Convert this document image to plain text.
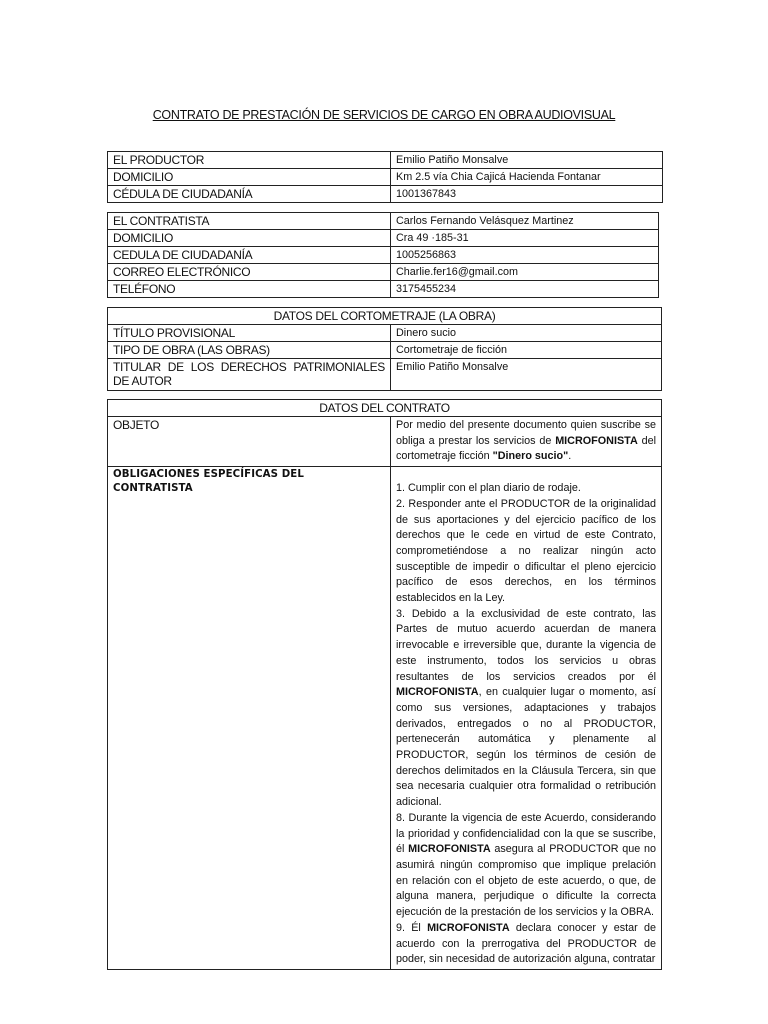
CONTRATO DE PRESTACIÓN DE SERVICIOS DE CARGO EN OBRA AUDIOVISUAL
EL PRODUCTOR	Emilio Patiño Monsalve
DOMICILIO	Km 2.5 vía Chia Cajicá Hacienda Fontanar
CÉDULA DE CIUDADANÍA	1001367843
EL CONTRATISTA	Carlos Fernando Velásquez Martinez
DOMICILIO	Cra 49 ·185-31
CEDULA DE CIUDADANÍA	1005256863
CORREO ELECTRÓNICO	Charlie.fer16@gmail.com
TELÉFONO	3175455234
DATOS DEL CORTOMETRAJE (LA OBRA)	
TÍTULO PROVISIONAL	Dinero sucio
TIPO DE OBRA (LAS OBRAS)	Cortometraje de ficción
TITULAR DE LOS DERECHOS PATRIMONIALES DE AUTOR	Emilio Patiño Monsalve
DATOS DEL CONTRATO	
OBJETO	Por medio del presente documento quien suscribe se obliga a prestar los servicios de MICROFONISTA del cortometraje ficción "Dinero sucio".
OBLIGACIONES ESPECÍFICAS DEL CONTRATISTA	1. Cumplir con el plan diario de rodaje.
2. Responder ante el PRODUCTOR de la originalidad de sus aportaciones y del ejercicio pacífico de los derechos que le cede en virtud de este Contrato, comprometiéndose a no realizar ningún acto susceptible de impedir o dificultar el pleno ejercicio pacífico de esos derechos, en los términos establecidos en la Ley.
3. Debido a la exclusividad de este contrato, las Partes de mutuo acuerdo acuerdan de manera irrevocable e irreversible que, durante la vigencia de este instrumento, todos los servicios u obras resultantes de los servicios creados por él MICROFONISTA, en cualquier lugar o momento, así como sus versiones, adaptaciones y trabajos derivados, entregados o no al PRODUCTOR, pertenecerán automática y plenamente al PRODUCTOR, según los términos de cesión de derechos delimitados en la Cláusula Tercera, sin que sea necesaria cualquier otra formalidad o retribución adicional.
8. Durante la vigencia de este Acuerdo, considerando la prioridad y confidencialidad con la que se suscribe, él MICROFONISTA asegura al PRODUCTOR que no asumirá ningún compromiso que implique prelación en relación con el objeto de este acuerdo, o que, de alguna manera, perjudique o dificulte la correcta ejecución de la prestación de los servicios y la OBRA.
9. Él MICROFONISTA declara conocer y estar de acuerdo con la prerrogativa del PRODUCTOR de poder, sin necesidad de autorización alguna, contratar
